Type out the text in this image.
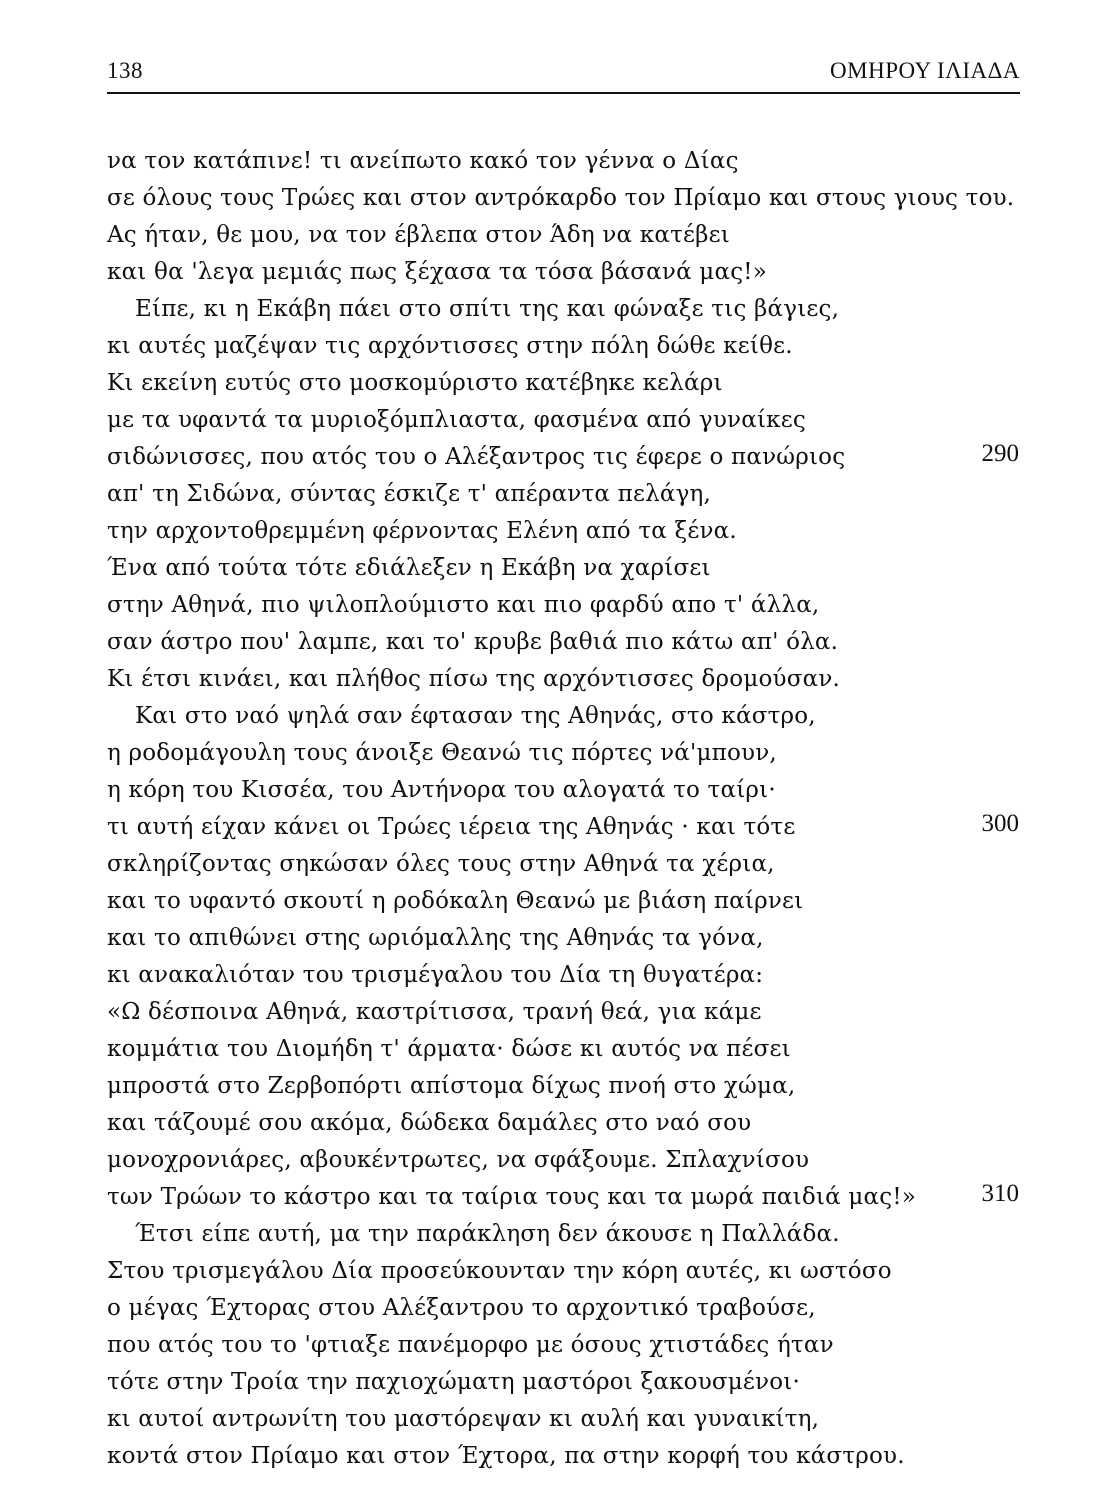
138	ΟΜΗΡΟΥ ΙΛΙΑΔΑ
να τον κατάπινε! τι ανείπωτο κακό τον γέννα ο Δίας
σε όλους τους Τρώες και στον αντρόκαρδο τον Πρίαμο και στους γιους του.
Ας ήταν, θε μου, να τον έβλεπα στον Άδη να κατέβει
και θα 'λεγα μεμιάς πως ξέχασα τα τόσα βάσανά μας!»
Είπε, κι η Εκάβη πάει στο σπίτι της και φώναξε τις βάγιες,
κι αυτές μαζέψαν τις αρχόντισσες στην πόλη δώθε κείθε.
Κι εκείνη ευτύς στο μοσκομύριστο κατέβηκε κελάρι
με τα υφαντά τα μυριοξόμπλιαστα, φασμένα από γυναίκες
σιδώνισσες, που ατός του ο Αλέξαντρος τις έφερε ο πανώριος	290
απ' τη Σιδώνα, σύντας έσκιζε τ' απέραντα πελάγη,
την αρχοντοθρεμμένη φέρνοντας Ελένη από τα ξένα.
Ένα από τούτα τότε εδιάλεξεν η Εκάβη να χαρίσει
στην Αθηνά, πιο ψιλοπλούμιστο και πιο φαρδύ απο τ' άλλα,
σαν άστρο που' λαμπε, και το' κρυβε βαθιά πιο κάτω απ' όλα.
Κι έτσι κινάει, και πλήθος πίσω της αρχόντισσες δρομούσαν.
Και στο ναό ψηλά σαν έφτασαν της Αθηνάς, στο κάστρο,
η ροδομάγουλη τους άνοιξε Θεανώ τις πόρτες νά'μπουν,
η κόρη του Κισσέα, του Αντήνορα του αλογατά το ταίρι·
τι αυτή είχαν κάνει οι Τρώες ιέρεια της Αθηνάς · και τότε	300
σκληρίζοντας σηκώσαν όλες τους στην Αθηνά τα χέρια,
και το υφαντό σκουτί η ροδόκαλη Θεανώ με βιάση παίρνει
και το απιθώνει στης ωριόμαλλης της Αθηνάς τα γόνα,
κι ανακαλιόταν του τρισμέγαλου του Δία τη θυγατέρα:
«Ω δέσποινα Αθηνά, καστρίτισσα, τρανή θεά, για κάμε
κομμάτια του Διομήδη τ' άρματα· δώσε κι αυτός να πέσει
μπροστά στο Ζερβοπόρτι απίστομα δίχως πνοή στο χώμα,
και τάζουμέ σου ακόμα, δώδεκα δαμάλες στο ναό σου
μονοχρονιάρες, αβουκέντρωτες, να σφάξουμε. Σπλαχνίσου
των Τρώων το κάστρο και τα ταίρια τους και τα μωρά παιδιά μας!»	310
Έτσι είπε αυτή, μα την παράκληση δεν άκουσε η Παλλάδα.
Στου τρισμεγάλου Δία προσεύκουνταν την κόρη αυτές, κι ωστόσο
ο μέγας Έχτορας στου Αλέξαντρου το αρχοντικό τραβούσε,
που ατός του το 'φτιαξε πανέμορφο με όσους χτιστάδες ήταν
τότε στην Τροία την παχιοχώματη μαστόροι ξακουσμένοι·
κι αυτοί αντρωνίτη του μαστόρεψαν κι αυλή και γυναικίτη,
κοντά στον Πρίαμο και στον Έχτορα, πα στην κορφή του κάστρου.
